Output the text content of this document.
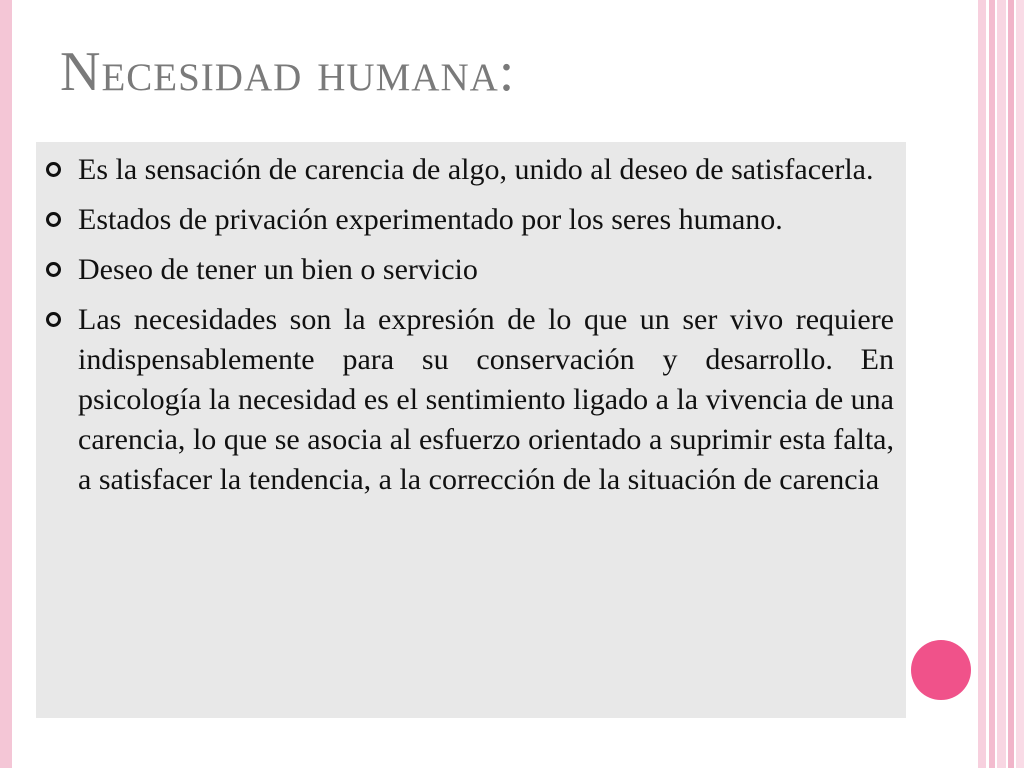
Necesidad humana:
Es la sensación de carencia de algo, unido al deseo de satisfacerla.
Estados de privación experimentado por los seres humano.
Deseo de tener un bien o servicio
Las necesidades son la expresión de lo que un ser vivo requiere indispensablemente para su conservación y desarrollo. En psicología la necesidad es el sentimiento ligado a la vivencia de una carencia, lo que se asocia al esfuerzo orientado a suprimir esta falta, a satisfacer la tendencia, a la corrección de la situación de carencia
